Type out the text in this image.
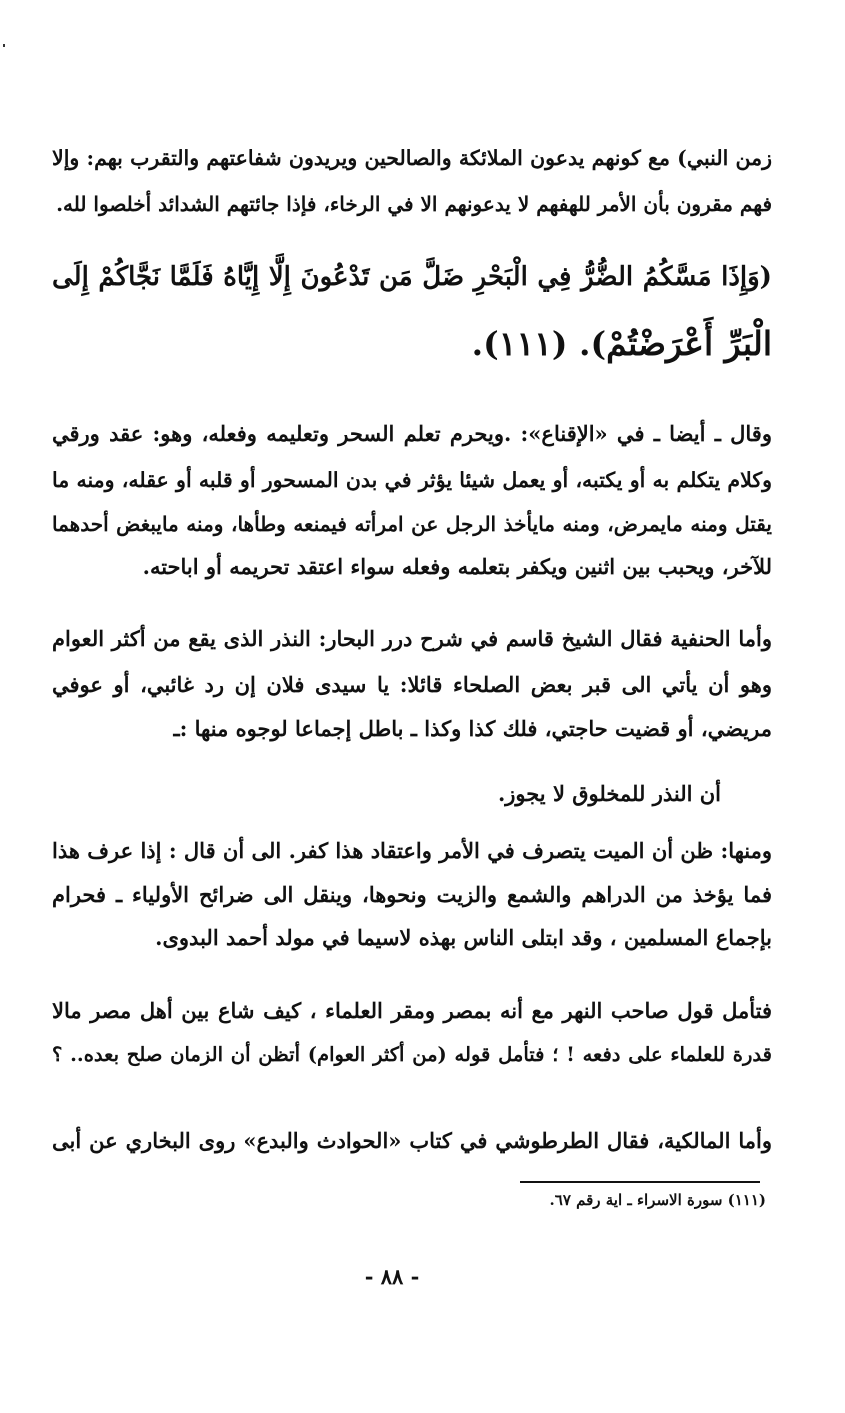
زمن النبي) مع كونهم يدعون الملائكة والصالحين ويريدون شفاعتهم والتقرب بهم: وإلا
فهم مقرون بأن الأمر للهفهم لا يدعونهم الا في الرخاء، فإذا جائتهم الشدائد أخلصوا لله.
(وَإِذَا مَسَّكُمُ الضُّرُّ فِي الْبَحْرِ ضَلَّ مَن تَدْعُونَ إِلَّا إِيَّاهُ فَلَمَّا نَجَّاكُمْ إِلَى
الْبَرِّ أَعْرَضْتُمْ). (١١١).
وقال ـ أيضا ـ في «الإقناع»: .ويحرم تعلم السحر وتعليمه وفعله، وهو: عقد ورقي
وكلام يتكلم به أو يكتبه، أو يعمل شيئا يؤثر في بدن المسحور أو قلبه أو عقله، ومنه ما
يقتل ومنه مايمرض، ومنه مايأخذ الرجل عن امرأته فيمنعه وطأها، ومنه مايبغض أحدهما
للآخر، ويحبب بين اثنين ويكفر بتعلمه وفعله سواء اعتقد تحريمه أو اباحته.
وأما الحنفية فقال الشيخ قاسم في شرح درر البحار: النذر الذى يقع من أكثر العوام
وهو أن يأتي الى قبر بعض الصلحاء قائلا: يا سيدى فلان إن رد غائبي، أو عوفي
مريضي، أو قضيت حاجتي، فلك كذا وكذا ـ باطل إجماعا لوجوه منها :ـ
أن النذر للمخلوق لا يجوز.
ومنها: ظن أن الميت يتصرف في الأمر واعتقاد هذا كفر. الى أن قال : إذا عرف هذا
فما يؤخذ من الدراهم والشمع والزيت ونحوها، وينقل الى ضرائح الأولياء ـ فحرام
بإجماع المسلمين ، وقد ابتلى الناس بهذه لاسيما في مولد أحمد البدوى.
فتأمل قول صاحب النهر مع أنه بمصر ومقر العلماء ، كيف شاع بين أهل مصر مالا
قدرة للعلماء على دفعه ! ؛ فتأمل قوله (من أكثر العوام) أتظن أن الزمان صلح بعده.. ؟
وأما المالكية، فقال الطرطوشي في كتاب «الحوادث والبدع» روى البخاري عن أبى
(١١١) سورة الاسراء ـ اية رقم ٦٧.
- ٨٨ -
